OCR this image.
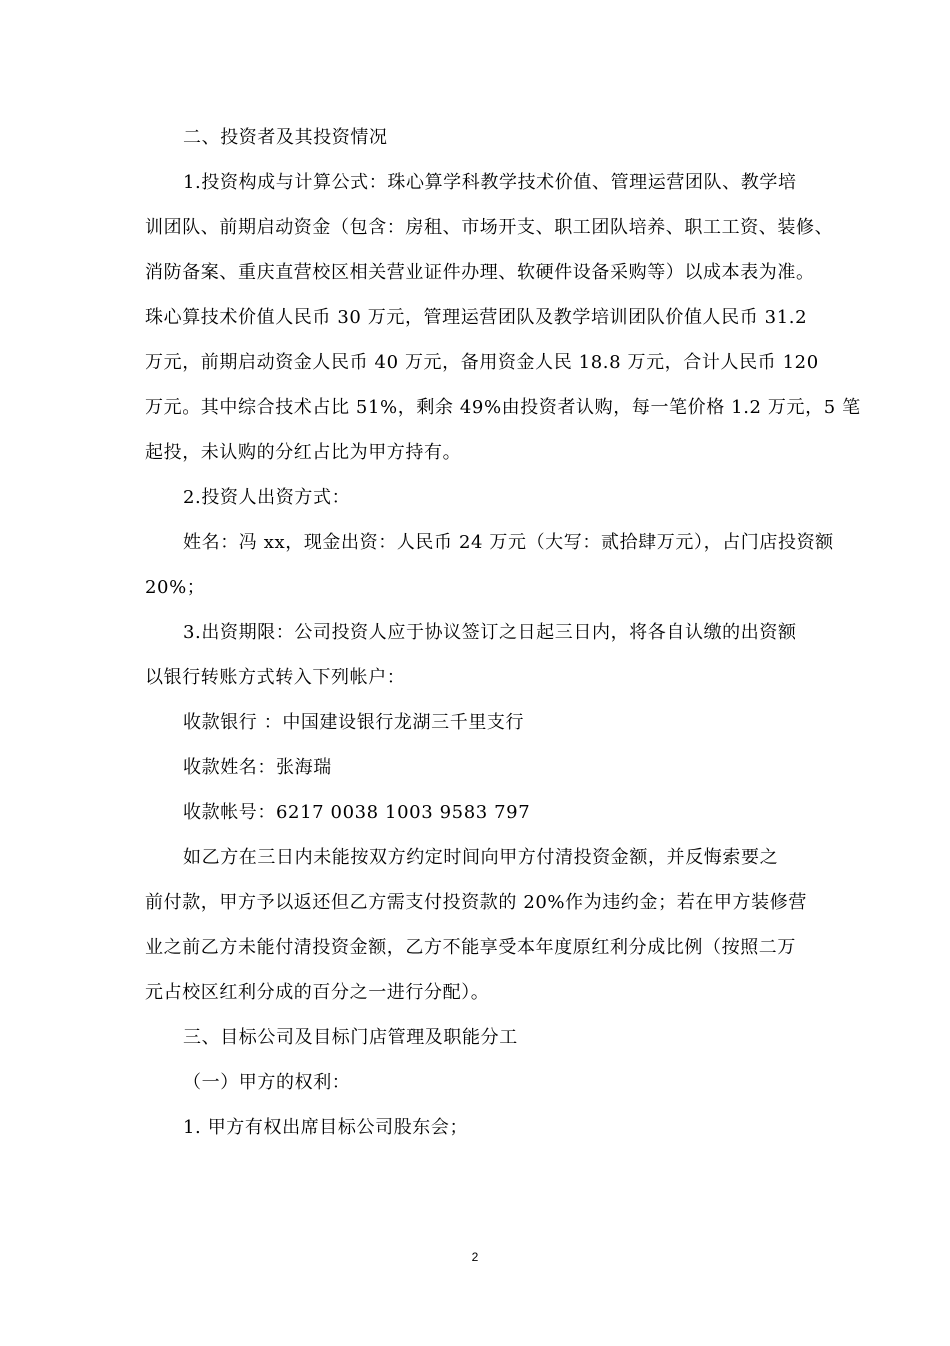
二、投资者及其投资情况
1.投资构成与计算公式：珠心算学科教学技术价值、管理运营团队、教学培
训团队、前期启动资金（包含：房租、市场开支、职工团队培养、职工工资、装修、
消防备案、重庆直营校区相关营业证件办理、软硬件设备采购等）以成本表为准。
珠心算技术价值人民币 30 万元，管理运营团队及教学培训团队价值人民币 31.2
万元，前期启动资金人民币 40 万元，备用资金人民 18.8 万元，合计人民币 120
万元。其中综合技术占比 51%，剩余 49%由投资者认购，每一笔价格 1.2 万元，5 笔
起投，未认购的分红占比为甲方持有。
2.投资人出资方式：
姓名：冯 xx，现金出资：人民币 24 万元（大写：贰拾肆万元），占门店投资额
20%；
3.出资期限：公司投资人应于协议签订之日起三日内，将各自认缴的出资额
以银行转账方式转入下列帐户：
收款银行 ：中国建设银行龙湖三千里支行
收款姓名：张海瑞
收款帐号：6217 0038 1003 9583 797
如乙方在三日内未能按双方约定时间向甲方付清投资金额，并反悔索要之
前付款，甲方予以返还但乙方需支付投资款的 20%作为违约金；若在甲方装修营
业之前乙方未能付清投资金额，乙方不能享受本年度原红利分成比例（按照二万
元占校区红利分成的百分之一进行分配）。
三、目标公司及目标门店管理及职能分工
（一）甲方的权利：
1. 甲方有权出席目标公司股东会；
2
